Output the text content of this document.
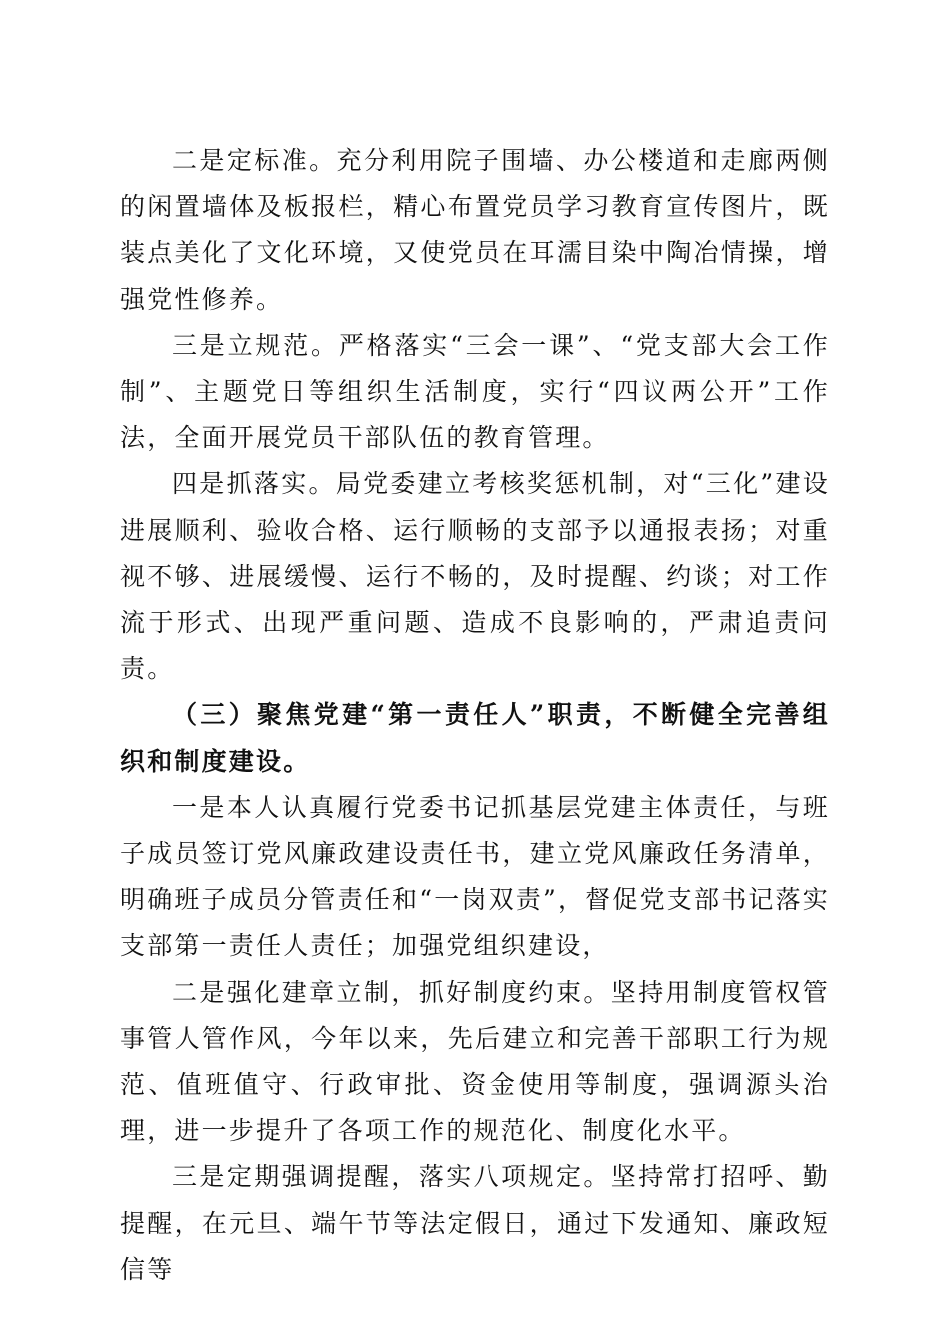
二是定标准。充分利用院子围墙、办公楼道和走廊两侧的闲置墙体及板报栏，精心布置党员学习教育宣传图片，既装点美化了文化环境，又使党员在耳濡目染中陶冶情操，增强党性修养。

三是立规范。严格落实“三会一课”、“党支部大会工作制”、主题党日等组织生活制度，实行“四议两公开”工作法，全面开展党员干部队伍的教育管理。

四是抓落实。局党委建立考核奖惩机制，对“三化”建设进展顺利、验收合格、运行顺畅的支部予以通报表扬；对重视不够、进展缓慢、运行不畅的，及时提醒、约谈；对工作流于形式、出现严重问题、造成不良影响的，严肃追责问责。

（三）聚焦党建“第一责任人”职责，不断健全完善组织和制度建设。

一是本人认真履行党委书记抓基层党建主体责任，与班子成员签订党风廉政建设责任书，建立党风廉政任务清单，明确班子成员分管责任和“一岗双责”，督促党支部书记落实支部第一责任人责任；加强党组织建设，

二是强化建章立制，抓好制度约束。坚持用制度管权管事管人管作风，今年以来，先后建立和完善干部职工行为规范、值班值守、行政审批、资金使用等制度，强调源头治理，进一步提升了各项工作的规范化、制度化水平。

三是定期强调提醒，落实八项规定。坚持常打招呼、勤提醒，在元旦、端午节等法定假日，通过下发通知、廉政短信等
